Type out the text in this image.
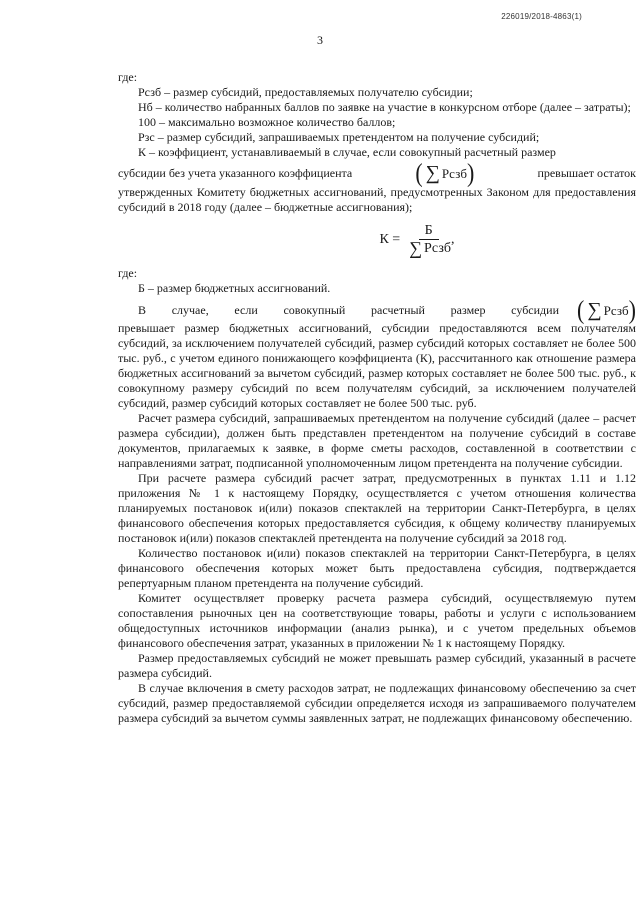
226019/2018-4863(1)
3

где:

Рсзб – размер субсидий, предоставляемых получателю субсидии;

Нб – количество набранных баллов по заявке на участие в конкурсном отборе (далее – затраты);

100 – максимально возможное количество баллов;

Рзс – размер субсидий, запрашиваемых претендентом на получение субсидий;

К – коэффициент, устанавливаемый в случае, если совокупный расчетный размер

субсидии без учета указанного коэффициента	( ∑ Рсзб )	превышает остаток

утвержденных Комитету бюджетных ассигнований, предусмотренных Законом для предоставления субсидий в 2018 году (далее – бюджетные ассигнования);

$К = \frac{Б}{\text{∑ Рсзб}}$ ,

где:

Б – размер бюджетных ассигнований.

В случае, если совокупный расчетный размер субсидии ( ∑ Рсзб )

превышает размер бюджетных ассигнований, субсидии предоставляются всем получателям субсидий, за исключением получателей субсидий, размер субсидий которых составляет не более 500 тыс. руб., с учетом единого понижающего коэффициента (К), рассчитанного как отношение размера бюджетных ассигнований за вычетом субсидий, размер которых составляет не более 500 тыс. руб., к совокупному размеру субсидий по всем получателям субсидий, за исключением получателей субсидий, размер субсидий которых составляет не более 500 тыс. руб.

Расчет размера субсидий, запрашиваемых претендентом на получение субсидий (далее – расчет размера субсидии), должен быть представлен претендентом на получение субсидий в составе документов, прилагаемых к заявке, в форме сметы расходов, составленной в соответствии с направлениями затрат, подписанной уполномоченным лицом претендента на получение субсидии.

При расчете размера субсидий расчет затрат, предусмотренных в пунктах 1.11 и 1.12 приложения № 1 к настоящему Порядку, осуществляется с учетом отношения количества планируемых постановок и(или) показов спектаклей на территории Санкт-Петербурга, в целях финансового обеспечения которых предоставляется субсидия, к общему количеству планируемых постановок и(или) показов спектаклей претендента на получение субсидий за 2018 год.

Количество постановок и(или) показов спектаклей на территории Санкт-Петербурга, в целях финансового обеспечения которых может быть предоставлена субсидия, подтверждается репертуарным планом претендента на получение субсидий.

Комитет осуществляет проверку расчета размера субсидий, осуществляемую путем сопоставления рыночных цен на соответствующие товары, работы и услуги с использованием общедоступных источников информации (анализ рынка), и с учетом предельных объемов финансового обеспечения затрат, указанных в приложении № 1 к настоящему Порядку.

Размер предоставляемых субсидий не может превышать размер субсидий, указанный в расчете размера субсидий.

В случае включения в смету расходов затрат, не подлежащих финансовому обеспечению за счет субсидий, размер предоставляемой субсидии определяется исходя из запрашиваемого получателем размера субсидий за вычетом суммы заявленных затрат, не подлежащих финансовому обеспечению.
